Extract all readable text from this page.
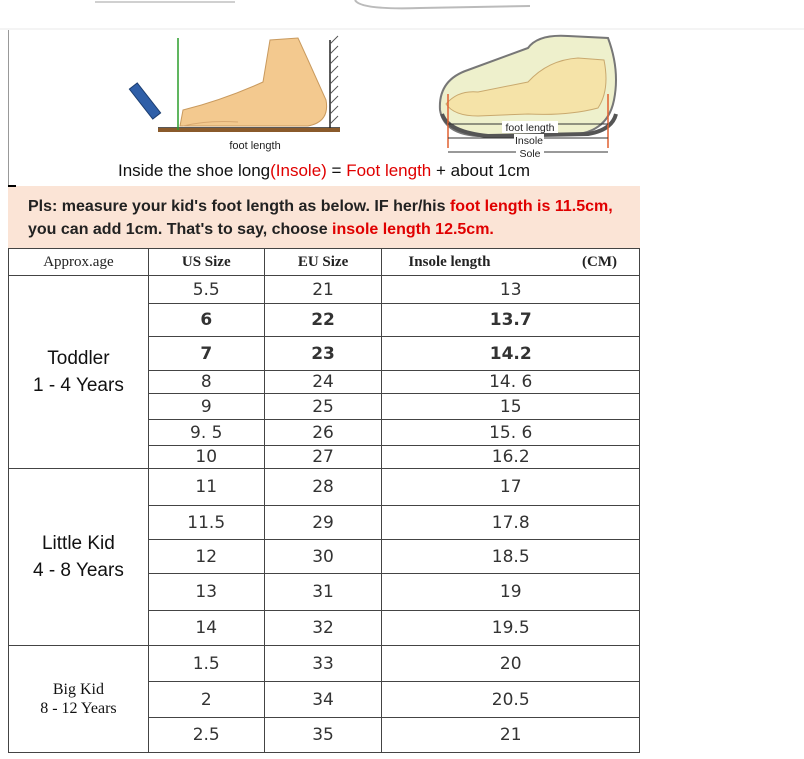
foot length
foot length
Insole
Sole
Inside the shoe long(Insole) = Foot length + about 1cm
Pls: measure your kid's foot length as below. IF her/his foot length is 11.5cm, you can add 1cm. That's to say, choose insole length 12.5cm.
Approx.age	US Size	EU Size	Insole length (CM)

Toddler
1 - 4 Years	5.5	21	13
	6	22	13.7
	7	23	14.2
	8	24	14. 6
	9	25	15
	9. 5	26	15. 6
	10	27	16.2

Little Kid
4 - 8 Years	11	28	17
	11.5	29	17.8
	12	30	18.5
	13	31	19
	14	32	19.5

Big Kid
8 - 12 Years	1.5	33	20
	2	34	20.5
	2.5	35	21
